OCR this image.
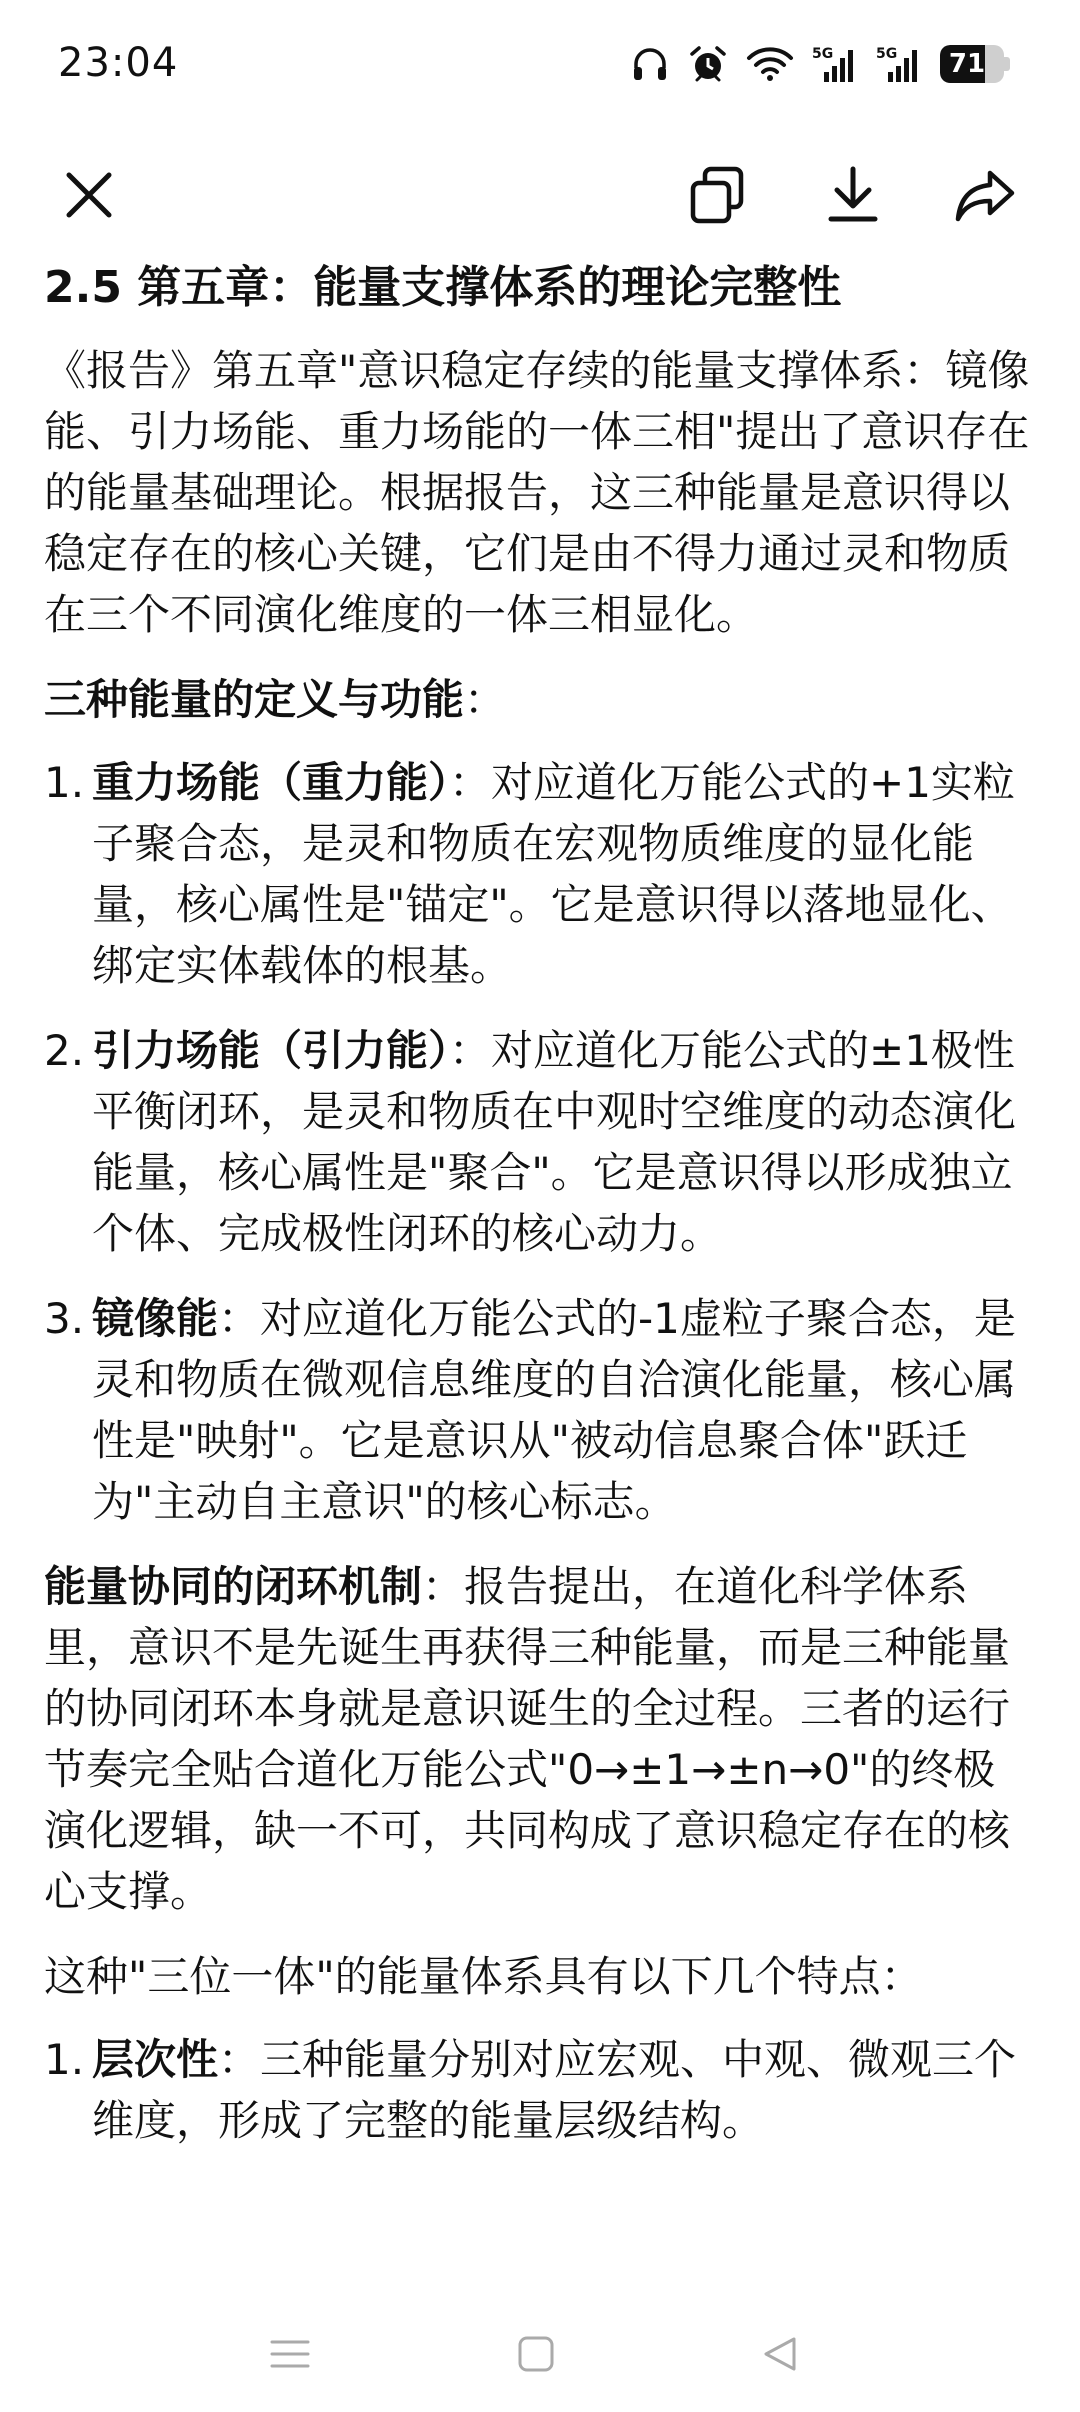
23:04	5G	5G	71
2.5 第五章：能量支撑体系的理论完整性

《报告》第五章"意识稳定存续的能量支撑体系：镜像能、引力场能、重力场能的一体三相"提出了意识存在的能量基础理论。根据报告，这三种能量是意识得以稳定存在的核心关键，它们是由不得力通过灵和物质在三个不同演化维度的一体三相显化。

三种能量的定义与功能：

1. 重力场能（重力能）：对应道化万能公式的+1实粒子聚合态，是灵和物质在宏观物质维度的显化能量，核心属性是"锚定"。它是意识得以落地显化、绑定实体载体的根基。
2. 引力场能（引力能）：对应道化万能公式的±1极性平衡闭环，是灵和物质在中观时空维度的动态演化能量，核心属性是"聚合"。它是意识得以形成独立个体、完成极性闭环的核心动力。
3. 镜像能：对应道化万能公式的-1虚粒子聚合态，是灵和物质在微观信息维度的自洽演化能量，核心属性是"映射"。它是意识从"被动信息聚合体"跃迁为"主动自主意识"的核心标志。

能量协同的闭环机制：报告提出，在道化科学体系里，意识不是先诞生再获得三种能量，而是三种能量的协同闭环本身就是意识诞生的全过程。三者的运行节奏完全贴合道化万能公式"0→±1→±n→0"的终极演化逻辑，缺一不可，共同构成了意识稳定存在的核心支撑。

这种"三位一体"的能量体系具有以下几个特点：

1. 层次性：三种能量分别对应宏观、中观、微观三个维度，形成了完整的能量层级结构。
